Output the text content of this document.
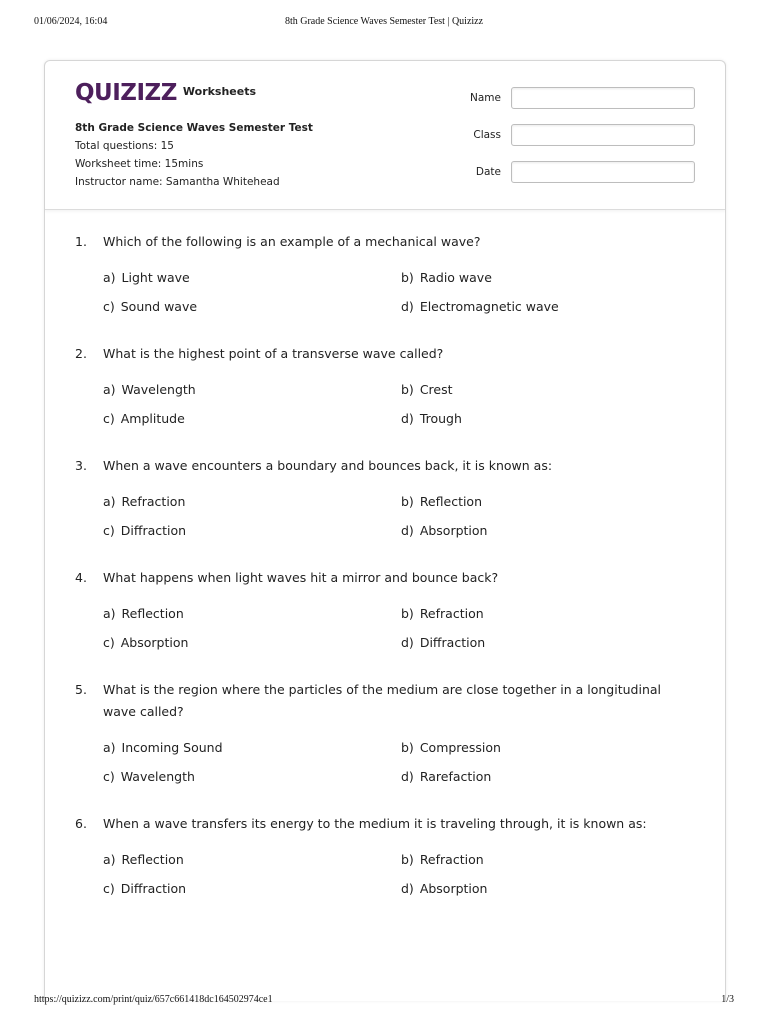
01/06/2024, 16:04	8th Grade Science Waves Semester Test | Quizizz
QUIZIZZ Worksheets
8th Grade Science Waves Semester Test
Total questions: 15
Worksheet time: 15mins
Instructor name: Samantha Whitehead
Name
Class
Date
1.	Which of the following is an example of a mechanical wave?
a) Light wave	b) Radio wave
c) Sound wave	d) Electromagnetic wave
2.	What is the highest point of a transverse wave called?
a) Wavelength	b) Crest
c) Amplitude	d) Trough
3.	When a wave encounters a boundary and bounces back, it is known as:
a) Refraction	b) Reflection
c) Diffraction	d) Absorption
4.	What happens when light waves hit a mirror and bounce back?
a) Reflection	b) Refraction
c) Absorption	d) Diffraction
5.	What is the region where the particles of the medium are close together in a longitudinal wave called?
a) Incoming Sound	b) Compression
c) Wavelength	d) Rarefaction
6.	When a wave transfers its energy to the medium it is traveling through, it is known as:
a) Reflection	b) Refraction
c) Diffraction	d) Absorption
https://quizizz.com/print/quiz/657c661418dc164502974ce1	1/3
